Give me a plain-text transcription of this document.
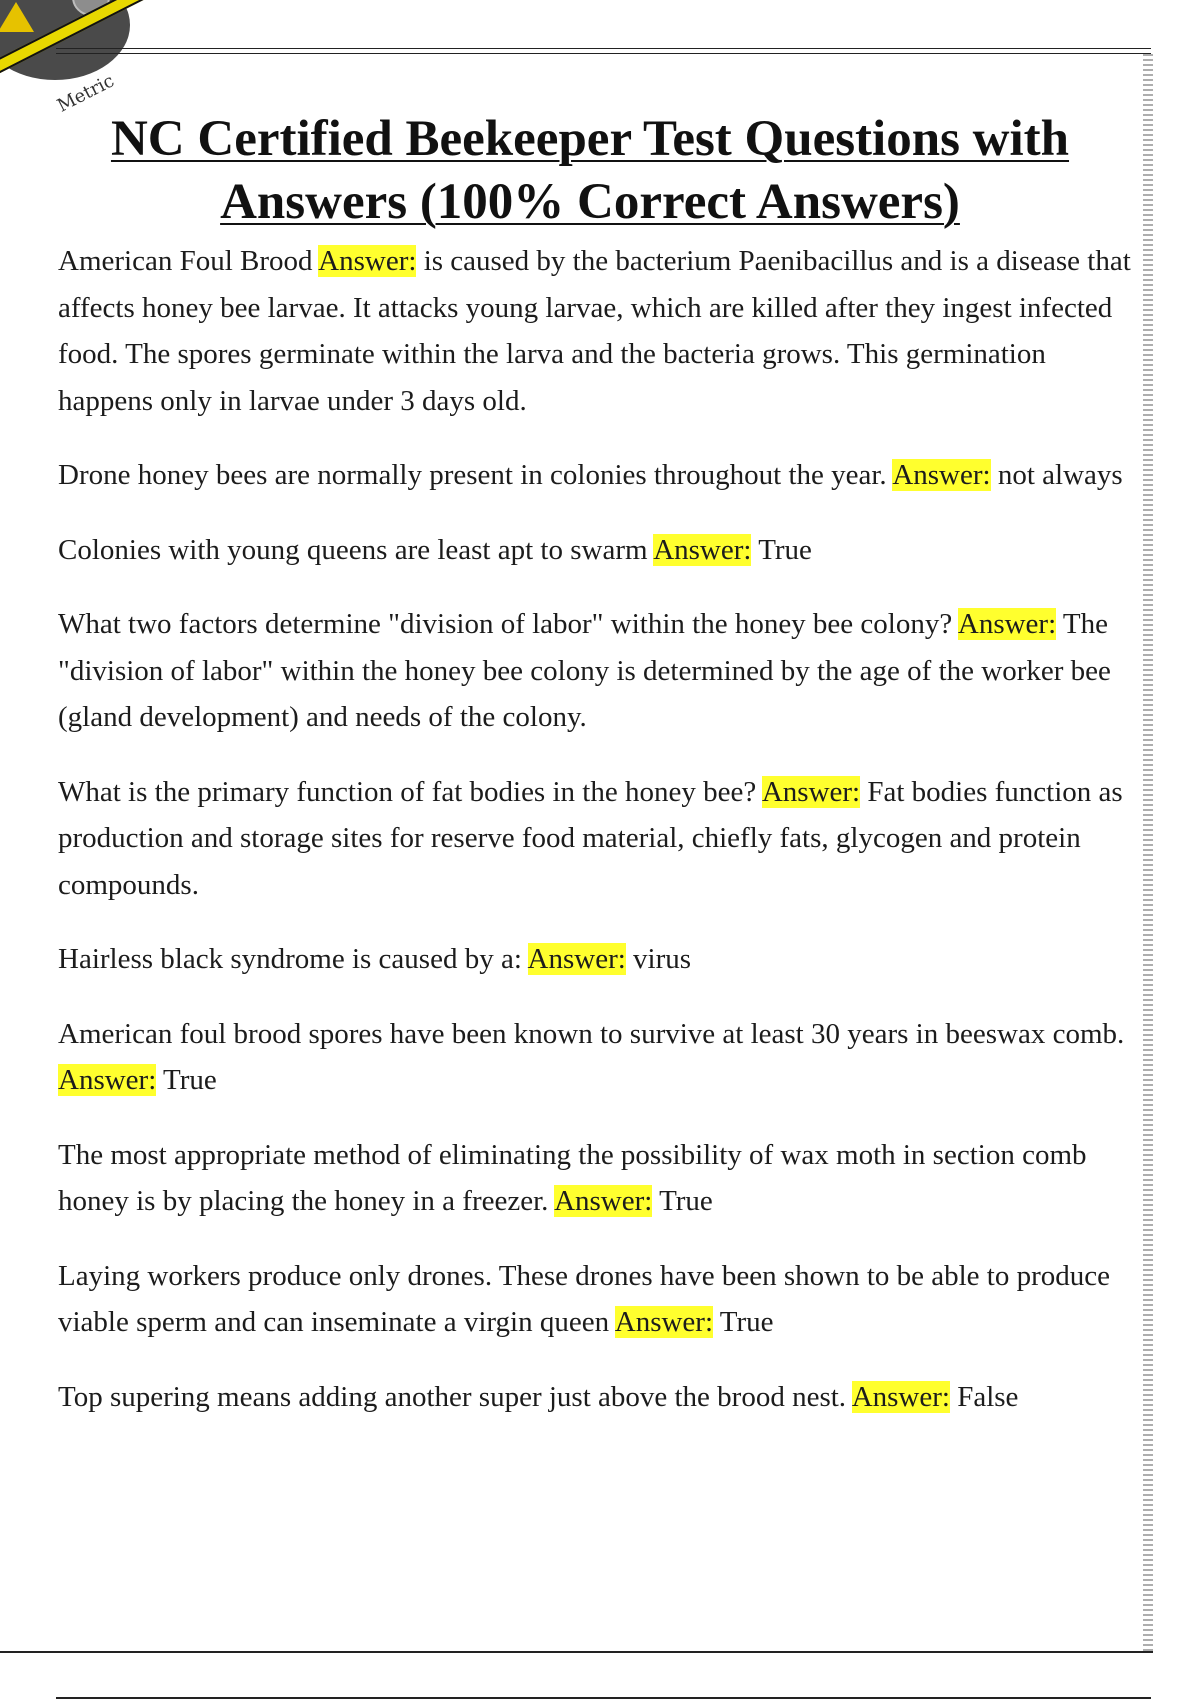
Metric
NC Certified Beekeeper Test Questions with Answers (100% Correct Answers)

American Foul Brood Answer: is caused by the bacterium Paenibacillus and is a disease that affects honey bee larvae. It attacks young larvae, which are killed after they ingest infected food. The spores germinate within the larva and the bacteria grows. This germination happens only in larvae under 3 days old.

Drone honey bees are normally present in colonies throughout the year. Answer: not always

Colonies with young queens are least apt to swarm Answer: True

What two factors determine "division of labor" within the honey bee colony? Answer: The "division of labor" within the honey bee colony is determined by the age of the worker bee (gland development) and needs of the colony.

What is the primary function of fat bodies in the honey bee? Answer: Fat bodies function as production and storage sites for reserve food material, chiefly fats, glycogen and protein compounds.

Hairless black syndrome is caused by a: Answer: virus

American foul brood spores have been known to survive at least 30 years in beeswax comb. Answer: True

The most appropriate method of eliminating the possibility of wax moth in section comb honey is by placing the honey in a freezer. Answer: True

Laying workers produce only drones. These drones have been shown to be able to produce viable sperm and can inseminate a virgin queen Answer: True

Top supering means adding another super just above the brood nest. Answer: False
